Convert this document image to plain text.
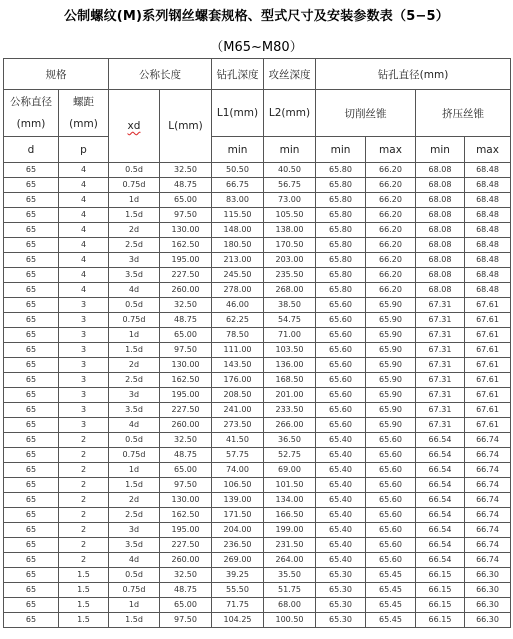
公制螺纹(M)系列钢丝螺套规格、型式尺寸及安装参数表（5−5）
（M65~M80）
规格		公称长度		钻孔深度	攻丝深度	钻孔直径(mm)			
公称直径(mm)	螺距(mm)	xd	L(mm)	L1(mm)	L2(mm)	切削丝锥		挤压丝锥	
d	p			min	min	min	max	min	max
65	4	0.5d	32.50	50.50	40.50	65.80	66.20	68.08	68.48
65	4	0.75d	48.75	66.75	56.75	65.80	66.20	68.08	68.48
65	4	1d	65.00	83.00	73.00	65.80	66.20	68.08	68.48
65	4	1.5d	97.50	115.50	105.50	65.80	66.20	68.08	68.48
65	4	2d	130.00	148.00	138.00	65.80	66.20	68.08	68.48
65	4	2.5d	162.50	180.50	170.50	65.80	66.20	68.08	68.48
65	4	3d	195.00	213.00	203.00	65.80	66.20	68.08	68.48
65	4	3.5d	227.50	245.50	235.50	65.80	66.20	68.08	68.48
65	4	4d	260.00	278.00	268.00	65.80	66.20	68.08	68.48
65	3	0.5d	32.50	46.00	38.50	65.60	65.90	67.31	67.61
65	3	0.75d	48.75	62.25	54.75	65.60	65.90	67.31	67.61
65	3	1d	65.00	78.50	71.00	65.60	65.90	67.31	67.61
65	3	1.5d	97.50	111.00	103.50	65.60	65.90	67.31	67.61
65	3	2d	130.00	143.50	136.00	65.60	65.90	67.31	67.61
65	3	2.5d	162.50	176.00	168.50	65.60	65.90	67.31	67.61
65	3	3d	195.00	208.50	201.00	65.60	65.90	67.31	67.61
65	3	3.5d	227.50	241.00	233.50	65.60	65.90	67.31	67.61
65	3	4d	260.00	273.50	266.00	65.60	65.90	67.31	67.61
65	2	0.5d	32.50	41.50	36.50	65.40	65.60	66.54	66.74
65	2	0.75d	48.75	57.75	52.75	65.40	65.60	66.54	66.74
65	2	1d	65.00	74.00	69.00	65.40	65.60	66.54	66.74
65	2	1.5d	97.50	106.50	101.50	65.40	65.60	66.54	66.74
65	2	2d	130.00	139.00	134.00	65.40	65.60	66.54	66.74
65	2	2.5d	162.50	171.50	166.50	65.40	65.60	66.54	66.74
65	2	3d	195.00	204.00	199.00	65.40	65.60	66.54	66.74
65	2	3.5d	227.50	236.50	231.50	65.40	65.60	66.54	66.74
65	2	4d	260.00	269.00	264.00	65.40	65.60	66.54	66.74
65	1.5	0.5d	32.50	39.25	35.50	65.30	65.45	66.15	66.30
65	1.5	0.75d	48.75	55.50	51.75	65.30	65.45	66.15	66.30
65	1.5	1d	65.00	71.75	68.00	65.30	65.45	66.15	66.30
65	1.5	1.5d	97.50	104.25	100.50	65.30	65.45	66.15	66.30
